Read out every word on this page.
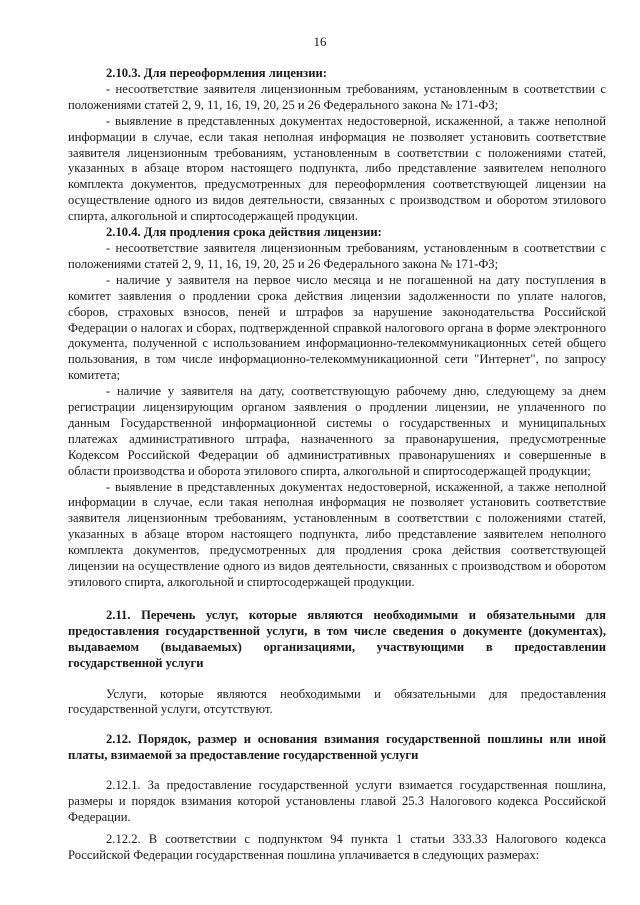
16

2.10.3. Для переоформления лицензии:

- несоответствие заявителя лицензионным требованиям, установленным в соответствии с положениями статей 2, 9, 11, 16, 19, 20, 25 и 26 Федерального закона № 171-ФЗ;

- выявление в представленных документах недостоверной, искаженной, а также неполной информации в случае, если такая неполная информация не позволяет установить соответствие заявителя лицензионным требованиям, установленным в соответствии с положениями статей, указанных в абзаце втором настоящего подпункта, либо представление заявителем неполного комплекта документов, предусмотренных для переоформления соответствующей лицензии на осуществление одного из видов деятельности, связанных с производством и оборотом этилового спирта, алкогольной и спиртосодержащей продукции.

2.10.4. Для продления срока действия лицензии:

- несоответствие заявителя лицензионным требованиям, установленным в соответствии с положениями статей 2, 9, 11, 16, 19, 20, 25 и 26 Федерального закона № 171-ФЗ;

- наличие у заявителя на первое число месяца и не погашенной на дату поступления в комитет заявления о продлении срока действия лицензии задолженности по уплате налогов, сборов, страховых взносов, пеней и штрафов за нарушение законодательства Российской Федерации о налогах и сборах, подтвержденной справкой налогового органа в форме электронного документа, полученной с использованием информационно-телекоммуникационных сетей общего пользования, в том числе информационно-телекоммуникационной сети "Интернет", по запросу комитета;

- наличие у заявителя на дату, соответствующую рабочему дню, следующему за днем регистрации лицензирующим органом заявления о продлении лицензии, не уплаченного по данным Государственной информационной системы о государственных и муниципальных платежах административного штрафа, назначенного за правонарушения, предусмотренные Кодексом Российской Федерации об административных правонарушениях и совершенные в области производства и оборота этилового спирта, алкогольной и спиртосодержащей продукции;

- выявление в представленных документах недостоверной, искаженной, а также неполной информации в случае, если такая неполная информация не позволяет установить соответствие заявителя лицензионным требованиям, установленным в соответствии с положениями статей, указанных в абзаце втором настоящего подпункта, либо представление заявителем неполного комплекта документов, предусмотренных для продления срока действия соответствующей лицензии на осуществление одного из видов деятельности, связанных с производством и оборотом этилового спирта, алкогольной и спиртосодержащей продукции.

2.11. Перечень услуг, которые являются необходимыми и обязательными для предоставления государственной услуги, в том числе сведения о документе (документах), выдаваемом (выдаваемых) организациями, участвующими в предоставлении государственной услуги

Услуги, которые являются необходимыми и обязательными для предоставления государственной услуги, отсутствуют.

2.12. Порядок, размер и основания взимания государственной пошлины или иной платы, взимаемой за предоставление государственной услуги

2.12.1. За предоставление государственной услуги взимается государственная пошлина, размеры и порядок взимания которой установлены главой 25.3 Налогового кодекса Российской Федерации.

2.12.2. В соответствии с подпунктом 94 пункта 1 статьи 333.33 Налогового кодекса Российской Федерации государственная пошлина уплачивается в следующих размерах:
